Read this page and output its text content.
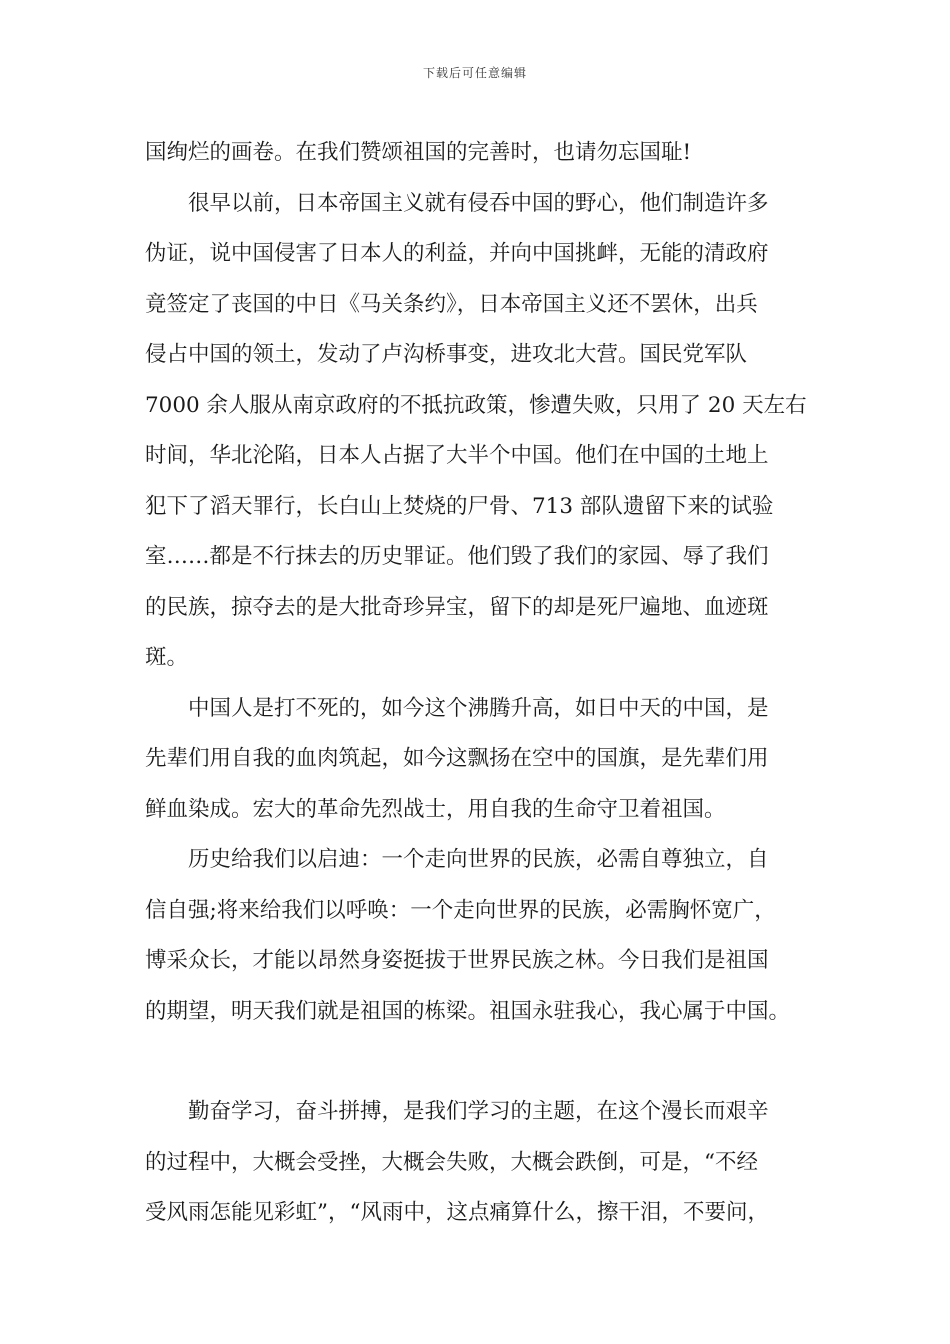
下载后可任意编辑
国绚烂的画卷。在我们赞颂祖国的完善时，也请勿忘国耻!
很早以前，日本帝国主义就有侵吞中国的野心，他们制造许多
伪证，说中国侵害了日本人的利益，并向中国挑衅，无能的清政府
竟签定了丧国的中日《马关条约》，日本帝国主义还不罢休，出兵
侵占中国的领土，发动了卢沟桥事变，进攻北大营。国民党军队
7000 余人服从南京政府的不抵抗政策，惨遭失败，只用了 20 天左右
时间，华北沦陷，日本人占据了大半个中国。他们在中国的土地上
犯下了滔天罪行，长白山上焚烧的尸骨、713 部队遗留下来的试验
室……都是不行抹去的历史罪证。他们毁了我们的家园、辱了我们
的民族，掠夺去的是大批奇珍异宝，留下的却是死尸遍地、血迹斑
斑。
中国人是打不死的，如今这个沸腾升高，如日中天的中国，是
先辈们用自我的血肉筑起，如今这飘扬在空中的国旗，是先辈们用
鲜血染成。宏大的革命先烈战士，用自我的生命守卫着祖国。
历史给我们以启迪：一个走向世界的民族，必需自尊独立，自
信自强;将来给我们以呼唤：一个走向世界的民族，必需胸怀宽广，
博采众长，才能以昂然身姿挺拔于世界民族之林。今日我们是祖国
的期望，明天我们就是祖国的栋梁。祖国永驻我心，我心属于中国。
勤奋学习，奋斗拼搏，是我们学习的主题，在这个漫长而艰辛
的过程中，大概会受挫，大概会失败，大概会跌倒，可是，“不经
受风雨怎能见彩虹”，“风雨中，这点痛算什么，擦干泪，不要问，
